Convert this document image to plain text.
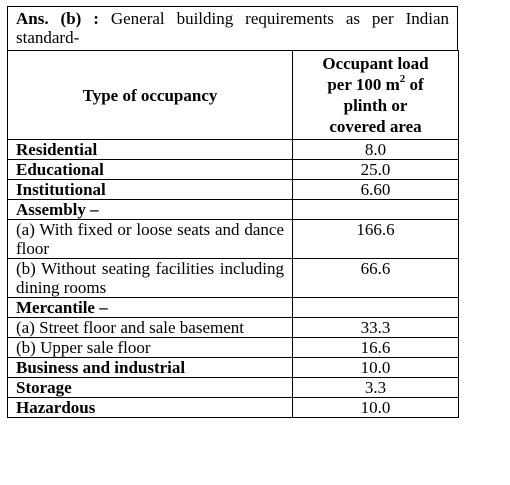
Ans. (b) : General building requirements as per Indian standard-
Type of occupancy	Occupant load
per 100 $m^2$ of
plinth or
covered area
Residential	8.0
Educational	25.0
Institutional	6.60
Assembly –	
(a) With fixed or loose seats and dance floor	166.6
(b) Without seating facilities including dining rooms	66.6
Mercantile –	
(a) Street floor and sale basement	33.3
(b) Upper sale floor	16.6
Business and industrial	10.0
Storage	3.3
Hazardous	10.0
